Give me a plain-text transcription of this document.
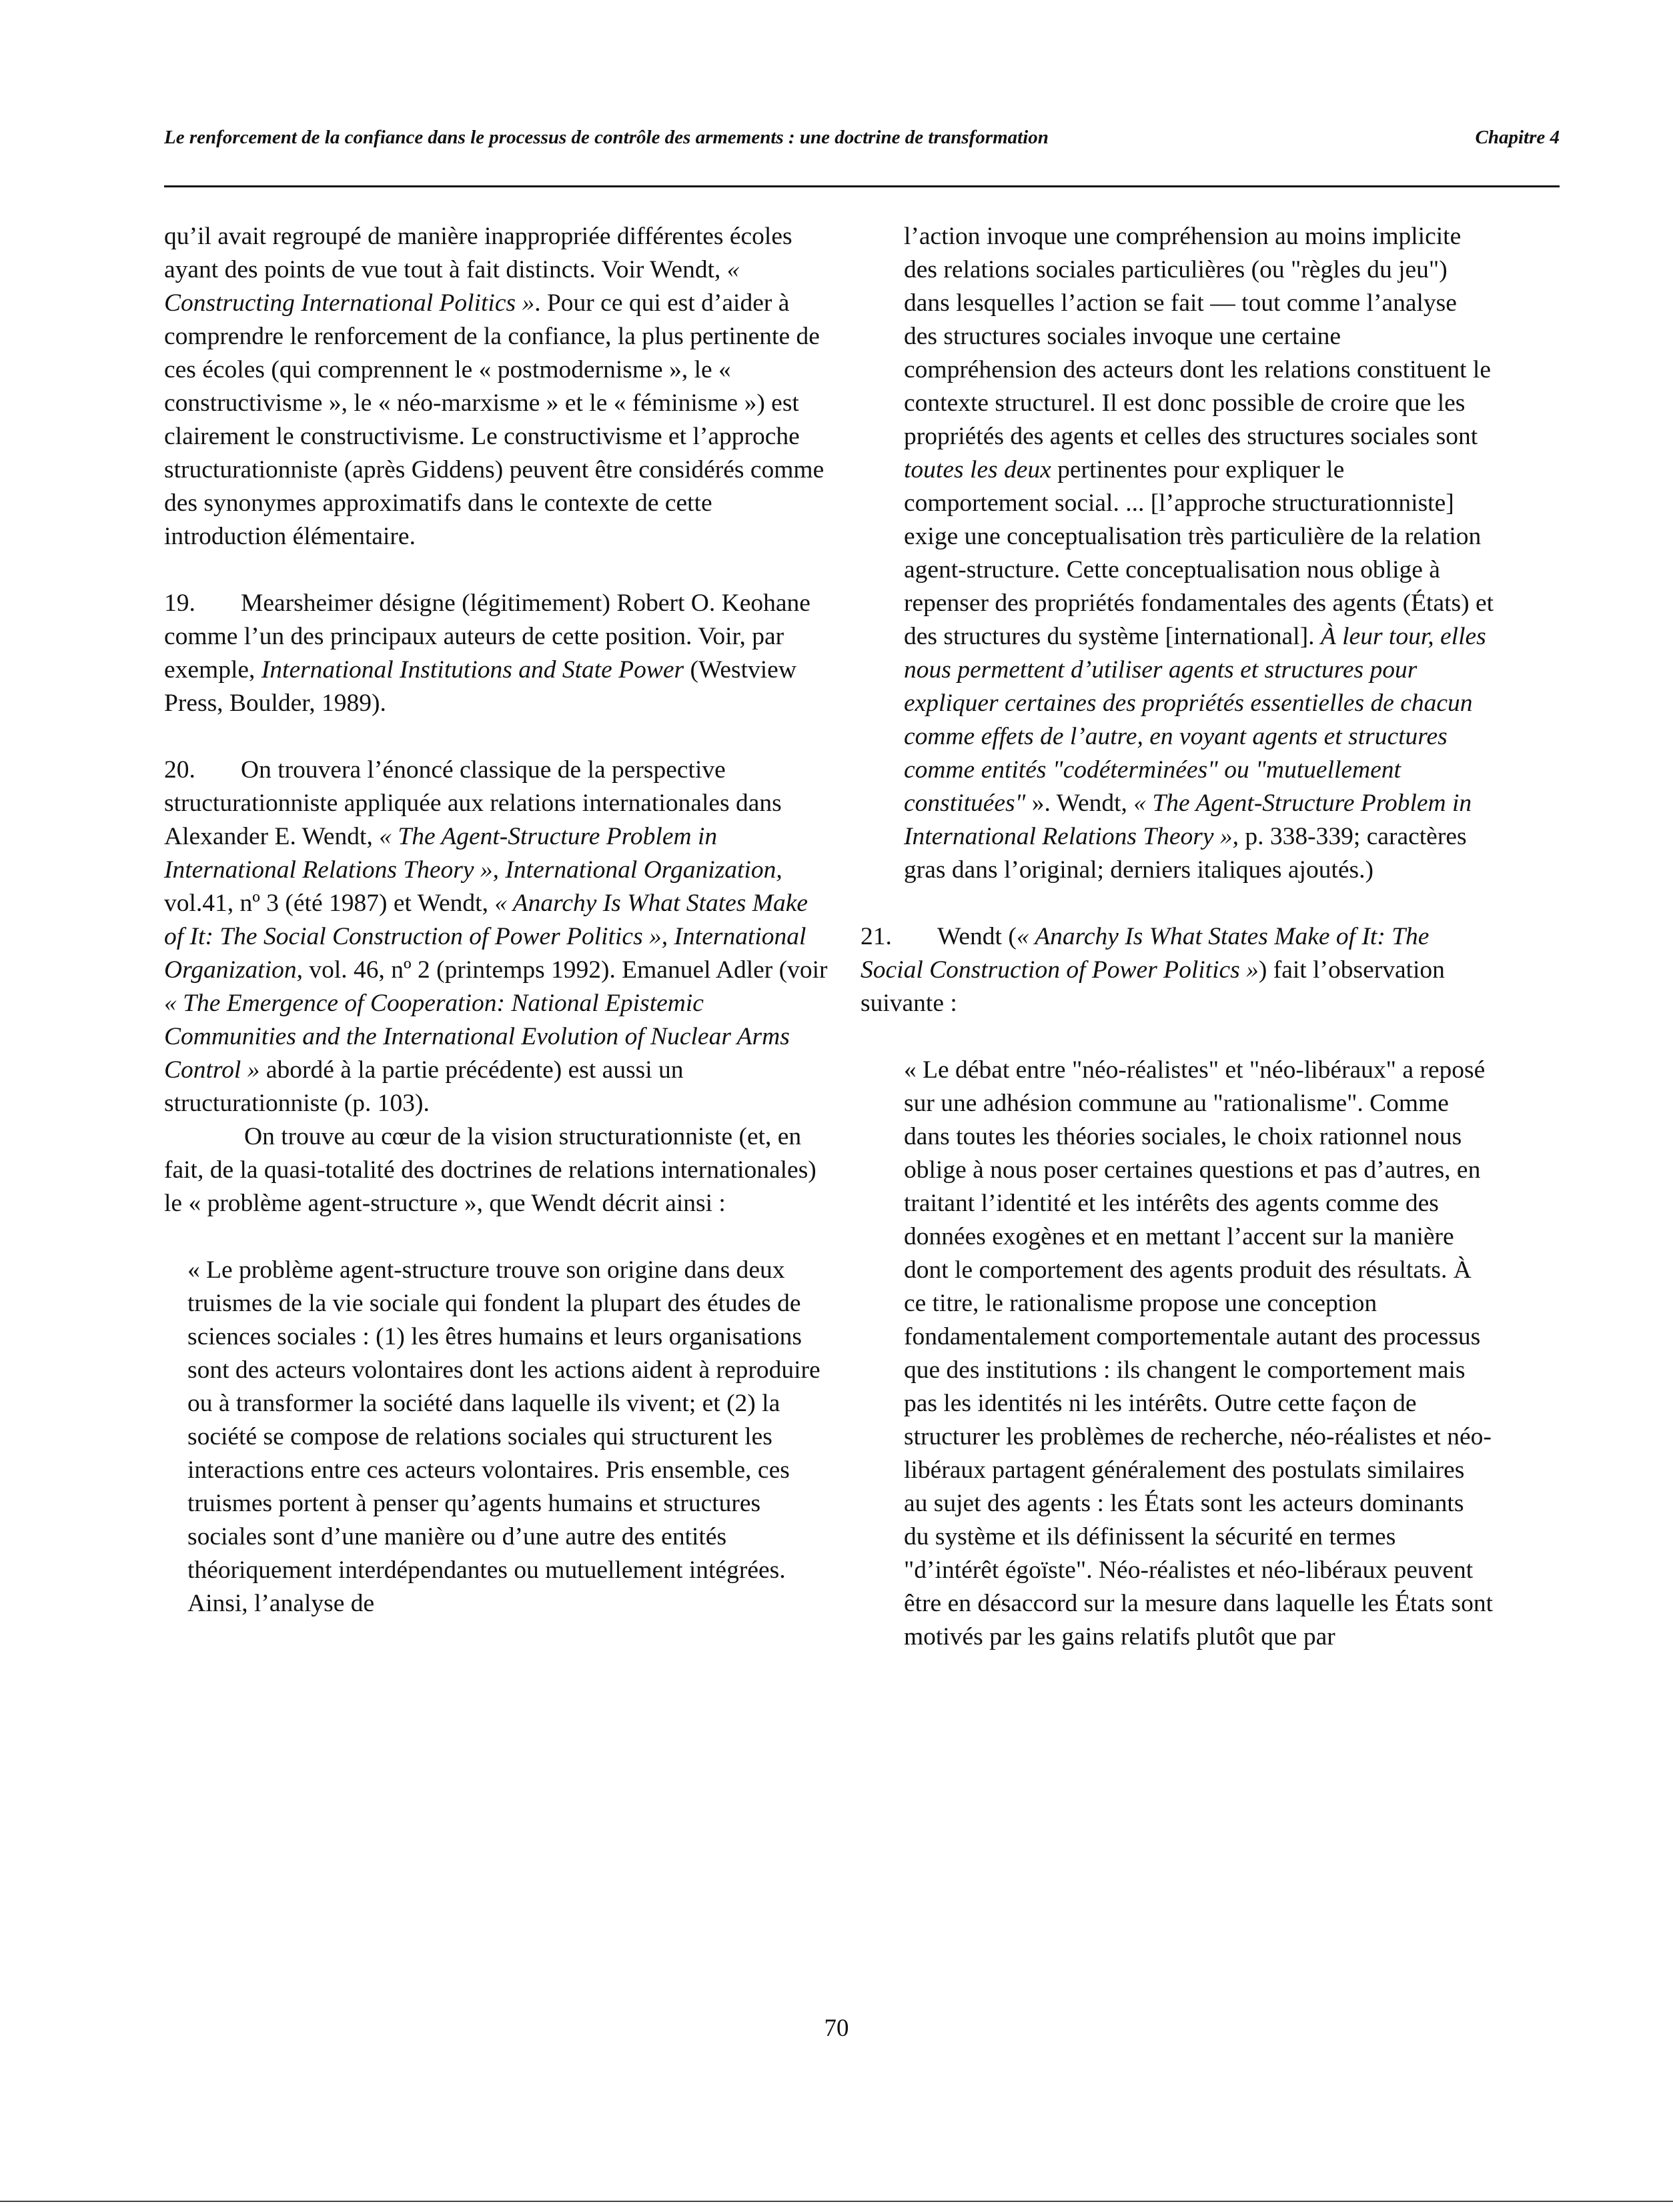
Le renforcement de la confiance dans le processus de contrôle des armements : une doctrine de transformation	Chapitre 4

qu’il avait regroupé de manière inappropriée différentes écoles ayant des points de vue tout à fait distincts. Voir Wendt, « Constructing International Politics ». Pour ce qui est d’aider à comprendre le renforcement de la confiance, la plus pertinente de ces écoles (qui comprennent le « postmodernisme », le « constructivisme », le « néo-marxisme » et le « féminisme ») est clairement le constructivisme. Le constructivisme et l’approche structurationniste (après Giddens) peuvent être considérés comme des synonymes approximatifs dans le contexte de cette introduction élémentaire.

19. Mearsheimer désigne (légitimement) Robert O. Keohane comme l’un des principaux auteurs de cette position. Voir, par exemple, International Institutions and State Power (Westview Press, Boulder, 1989).

20. On trouvera l’énoncé classique de la perspective structurationniste appliquée aux relations internationales dans Alexander E. Wendt, « The Agent-Structure Problem in International Relations Theory », International Organization, vol.41, nº 3 (été 1987) et Wendt, « Anarchy Is What States Make of It: The Social Construction of Power Politics », International Organization, vol. 46, nº 2 (printemps 1992). Emanuel Adler (voir « The Emergence of Cooperation: National Epistemic Communities and the International Evolution of Nuclear Arms Control » abordé à la partie précédente) est aussi un structurationniste (p. 103).

On trouve au cœur de la vision structurationniste (et, en fait, de la quasi-totalité des doctrines de relations internationales) le « problème agent-structure », que Wendt décrit ainsi :

« Le problème agent-structure trouve son origine dans deux truismes de la vie sociale qui fondent la plupart des études de sciences sociales : (1) les êtres humains et leurs organisations sont des acteurs volontaires dont les actions aident à reproduire ou à transformer la société dans laquelle ils vivent; et (2) la société se compose de relations sociales qui structurent les interactions entre ces acteurs volontaires. Pris ensemble, ces truismes portent à penser qu’agents humains et structures sociales sont d’une manière ou d’une autre des entités théoriquement interdépendantes ou mutuellement intégrées. Ainsi, l’analyse de

l’action invoque une compréhension au moins implicite des relations sociales particulières (ou "règles du jeu") dans lesquelles l’action se fait — tout comme l’analyse des structures sociales invoque une certaine compréhension des acteurs dont les relations constituent le contexte structurel. Il est donc possible de croire que les propriétés des agents et celles des structures sociales sont toutes les deux pertinentes pour expliquer le comportement social. ... [l’approche structurationniste] exige une conceptualisation très particulière de la relation agent-structure. Cette conceptualisation nous oblige à repenser des propriétés fondamentales des agents (États) et des structures du système [international]. À leur tour, elles nous permettent d’utiliser agents et structures pour expliquer certaines des propriétés essentielles de chacun comme effets de l’autre, en voyant agents et structures comme entités "codéterminées" ou "mutuellement constituées" ». Wendt, « The Agent-Structure Problem in International Relations Theory », p. 338-339; caractères gras dans l’original; derniers italiques ajoutés.)

21. Wendt (« Anarchy Is What States Make of It: The Social Construction of Power Politics ») fait l’observation suivante :

« Le débat entre "néo-réalistes" et "néo-libéraux" a reposé sur une adhésion commune au "rationalisme". Comme dans toutes les théories sociales, le choix rationnel nous oblige à nous poser certaines questions et pas d’autres, en traitant l’identité et les intérêts des agents comme des données exogènes et en mettant l’accent sur la manière dont le comportement des agents produit des résultats. À ce titre, le rationalisme propose une conception fondamentalement comportementale autant des processus que des institutions : ils changent le comportement mais pas les identités ni les intérêts. Outre cette façon de structurer les problèmes de recherche, néo-réalistes et néo-libéraux partagent généralement des postulats similaires au sujet des agents : les États sont les acteurs dominants du système et ils définissent la sécurité en termes "d’intérêt égoïste". Néo-réalistes et néo-libéraux peuvent être en désaccord sur la mesure dans laquelle les États sont motivés par les gains relatifs plutôt que par

70
